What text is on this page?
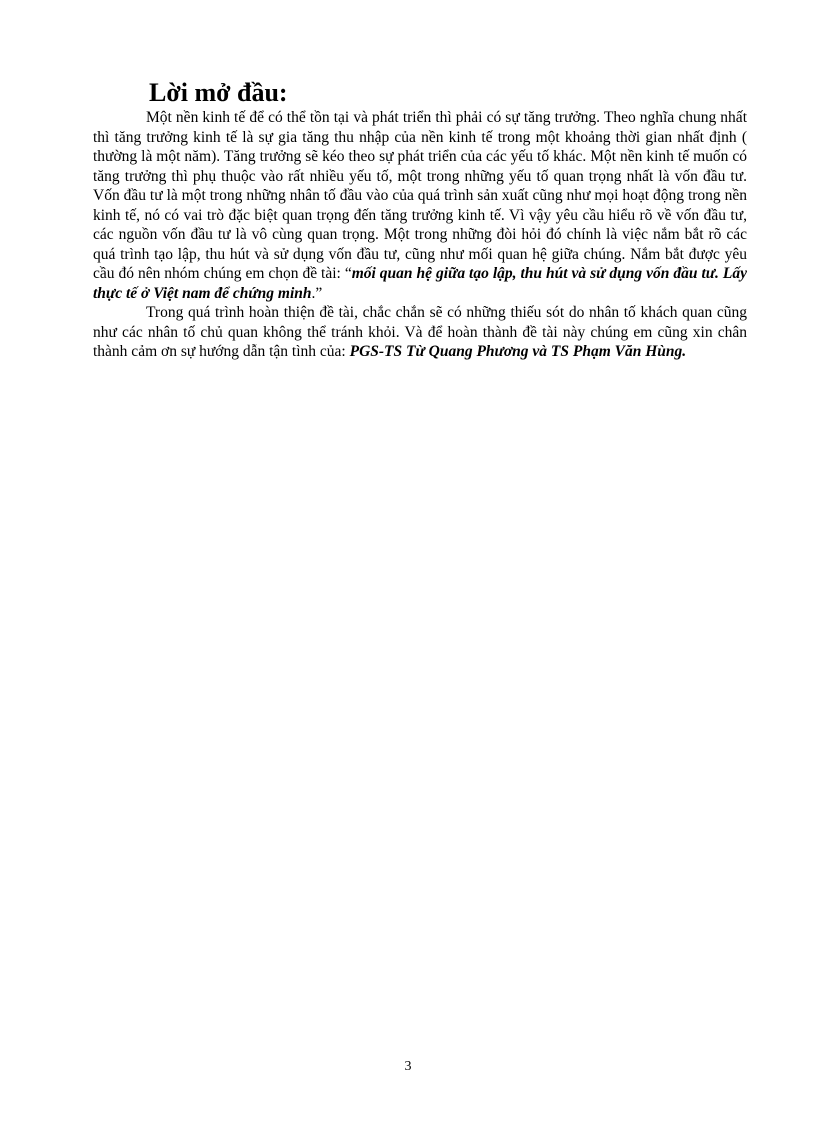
Lời mở đầu:

Một nền kinh tế để có thể tồn tại và phát triển thì phải có sự tăng trưởng. Theo nghĩa chung nhất thì tăng trưởng kinh tế là sự gia tăng thu nhập của nền kinh tế trong một khoảng thời gian nhất định ( thường là một năm). Tăng trưởng sẽ kéo theo sự phát triển của các yếu tố khác. Một nền kinh tế muốn có tăng trưởng thì phụ thuộc vào rất nhiều yếu tố, một trong những yếu tố quan trọng nhất là vốn đầu tư. Vốn đầu tư là một trong những nhân tố đầu vào của quá trình sản xuất cũng như mọi hoạt động trong nền kinh tế, nó có vai trò đặc biệt quan trọng đến tăng trưởng kinh tế. Vì vậy yêu cầu hiểu rõ về vốn đầu tư, các nguồn vốn đầu tư là vô cùng quan trọng. Một trong những đòi hỏi đó chính là việc nắm bắt rõ các quá trình tạo lập, thu hút và sử dụng vốn đầu tư, cũng như mối quan hệ giữa chúng. Nắm bắt được yêu cầu đó nên nhóm chúng em chọn đề tài: “mối quan hệ giữa tạo lập, thu hút và sử dụng vốn đầu tư. Lấy thực tế ở Việt nam để chứng minh.”

Trong quá trình hoàn thiện đề tài, chắc chắn sẽ có những thiếu sót do nhân tố khách quan cũng như các nhân tố chủ quan không thể tránh khỏi. Và để hoàn thành đề tài này chúng em cũng xin chân thành cảm ơn sự hướng dẫn tận tình của: PGS-TS Từ Quang Phương và TS Phạm Văn Hùng.

3
